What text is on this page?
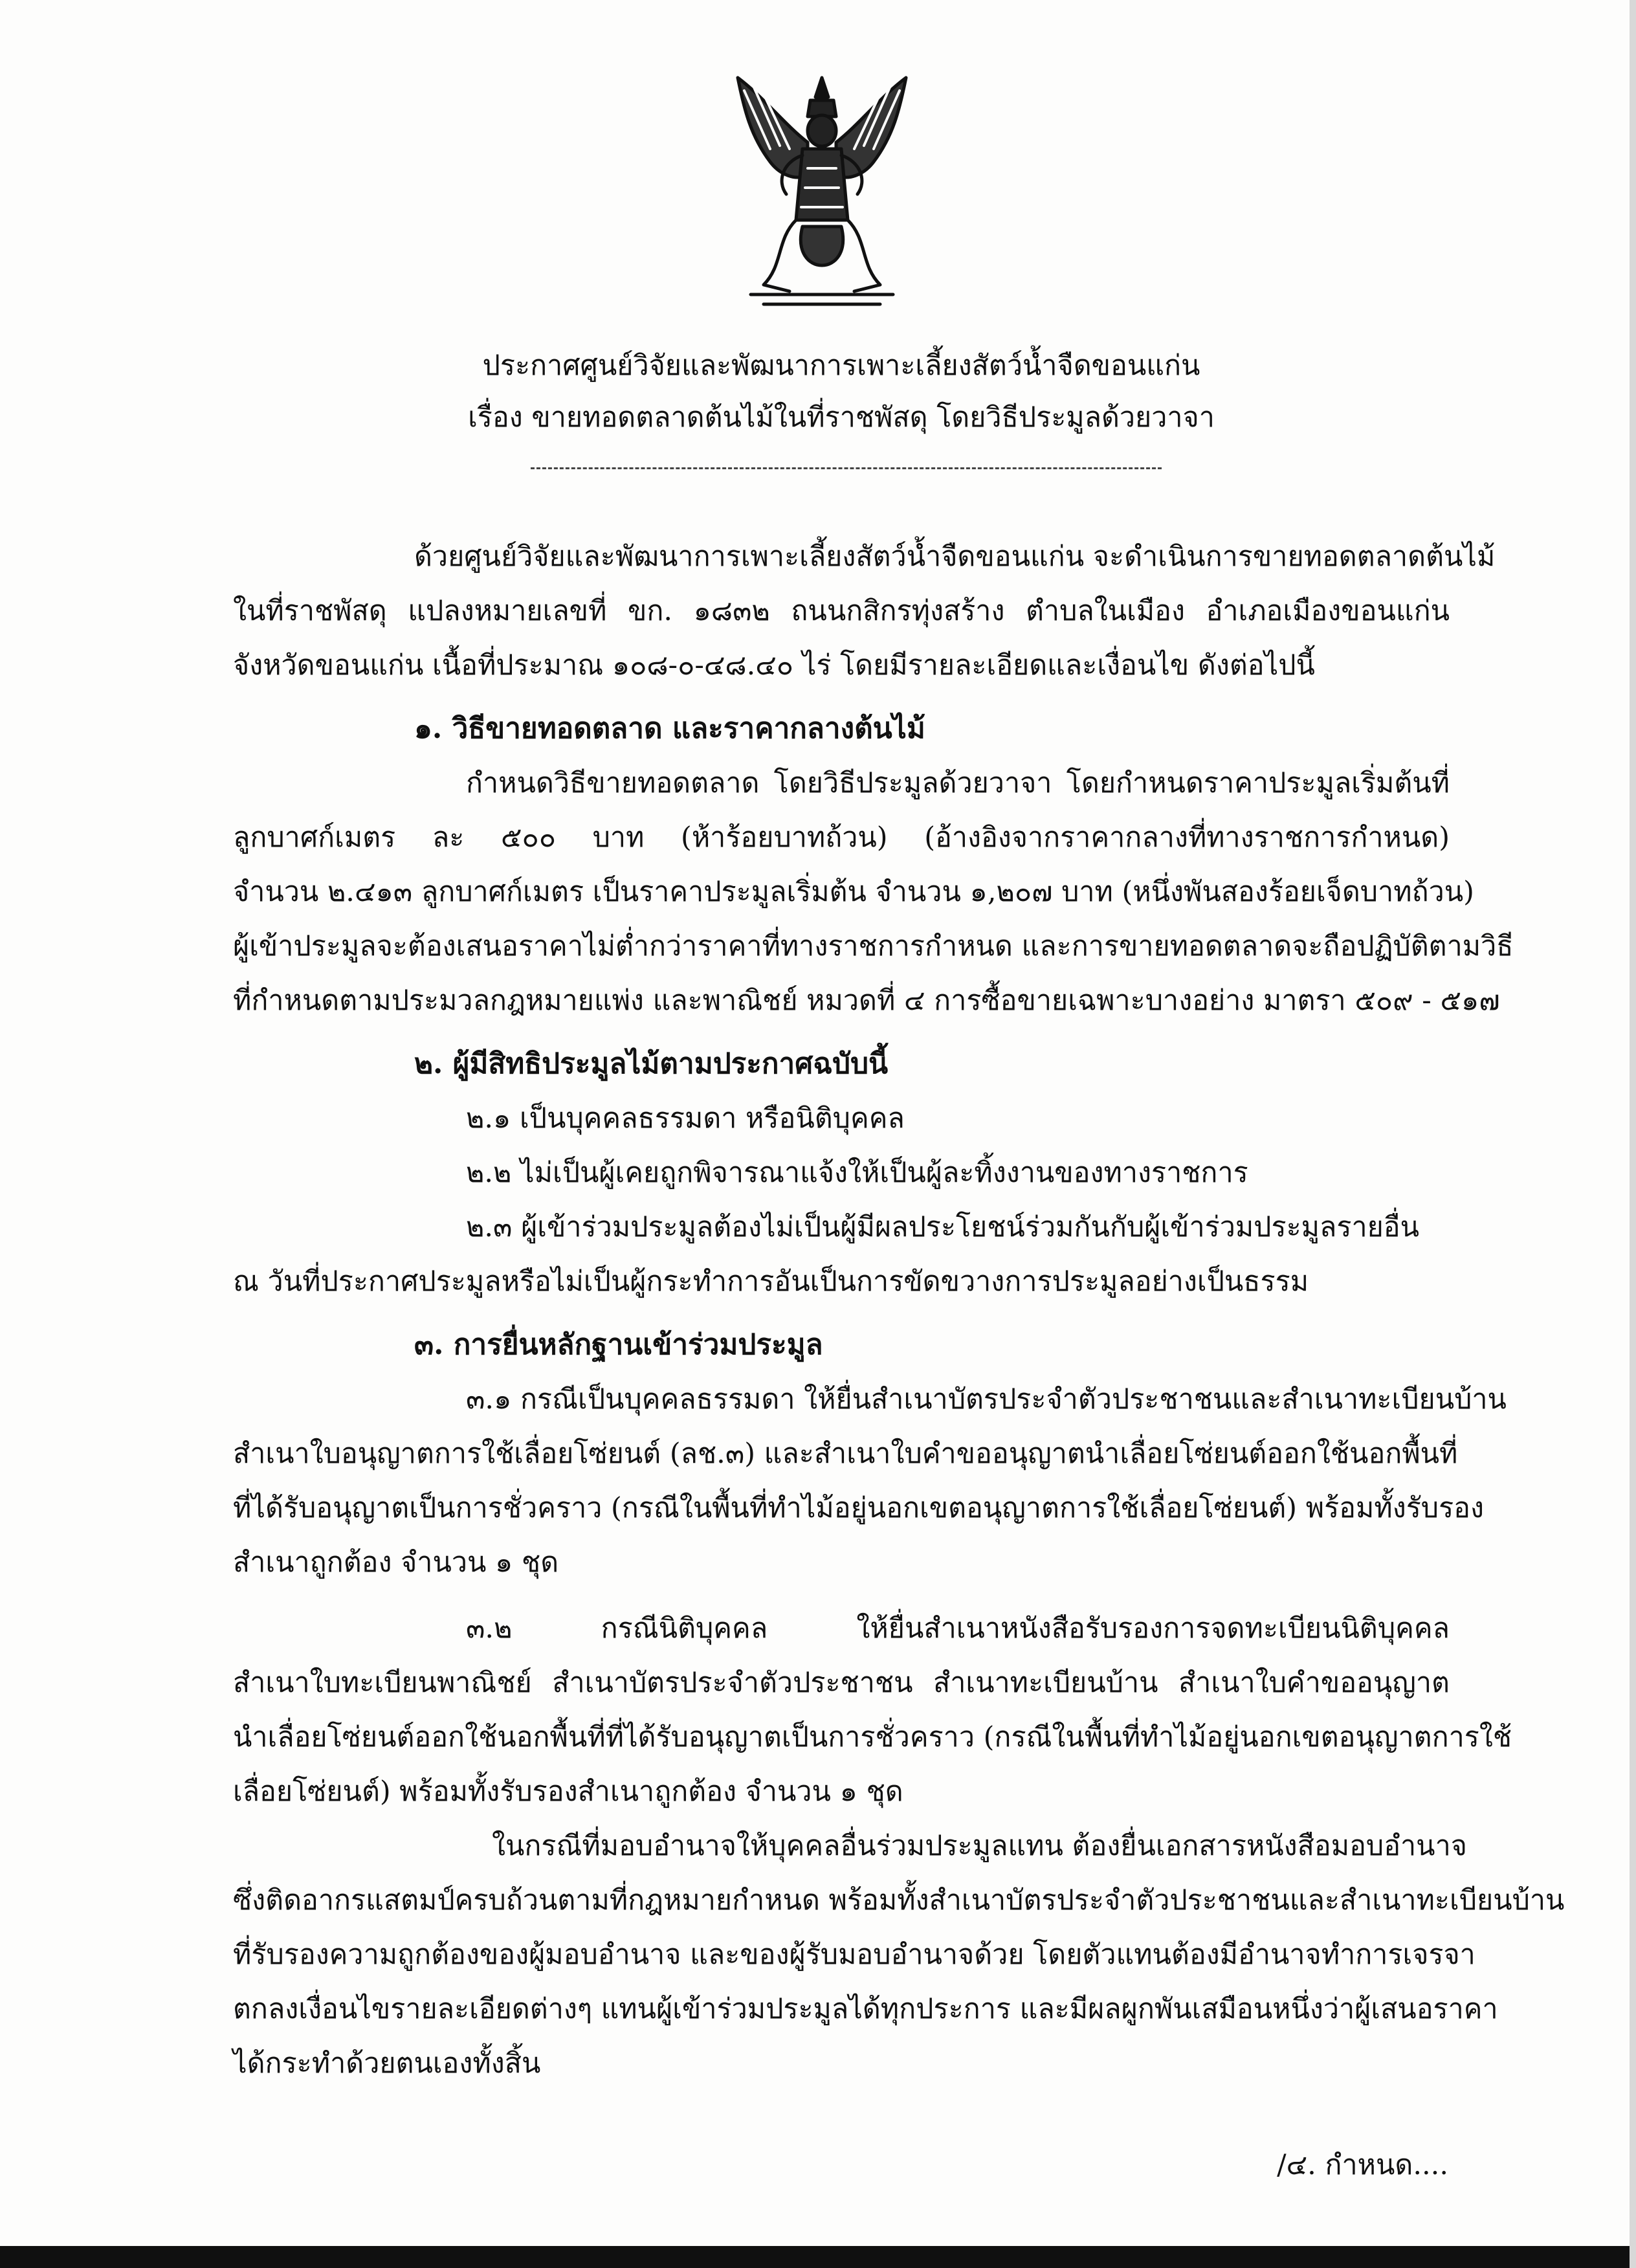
ประกาศศูนย์วิจัยและพัฒนาการเพาะเลี้ยงสัตว์น้ำจืดขอนแก่น
เรื่อง ขายทอดตลาดต้นไม้ในที่ราชพัสดุ โดยวิธีประมูลด้วยวาจา
ด้วยศูนย์วิจัยและพัฒนาการเพาะเลี้ยงสัตว์น้ำจืดขอนแก่น จะดำเนินการขายทอดตลาดต้นไม้
ในที่ราชพัสดุ แปลงหมายเลขที่ ขก. ๑๘๓๒ ถนนกสิกรทุ่งสร้าง ตำบลในเมือง อำเภอเมืองขอนแก่น
จังหวัดขอนแก่น เนื้อที่ประมาณ ๑๐๘-๐-๔๘.๔๐ ไร่ โดยมีรายละเอียดและเงื่อนไข ดังต่อไปนี้
๑. วิธีขายทอดตลาด และราคากลางต้นไม้
กำหนดวิธีขายทอดตลาด โดยวิธีประมูลด้วยวาจา โดยกำหนดราคาประมูลเริ่มต้นที่
ลูกบาศก์เมตร ละ ๕๐๐ บาท (ห้าร้อยบาทถ้วน) (อ้างอิงจากราคากลางที่ทางราชการกำหนด)
จำนวน ๒.๔๑๓ ลูกบาศก์เมตร เป็นราคาประมูลเริ่มต้น จำนวน ๑,๒๐๗ บาท (หนึ่งพันสองร้อยเจ็ดบาทถ้วน)
ผู้เข้าประมูลจะต้องเสนอราคาไม่ต่ำกว่าราคาที่ทางราชการกำหนด และการขายทอดตลาดจะถือปฏิบัติตามวิธี
ที่กำหนดตามประมวลกฎหมายแพ่ง และพาณิชย์ หมวดที่ ๔ การซื้อขายเฉพาะบางอย่าง มาตรา ๕๐๙ - ๕๑๗
๒. ผู้มีสิทธิประมูลไม้ตามประกาศฉบับนี้
๒.๑ เป็นบุคคลธรรมดา หรือนิติบุคคล
๒.๒ ไม่เป็นผู้เคยถูกพิจารณาแจ้งให้เป็นผู้ละทิ้งงานของทางราชการ
๒.๓ ผู้เข้าร่วมประมูลต้องไม่เป็นผู้มีผลประโยชน์ร่วมกันกับผู้เข้าร่วมประมูลรายอื่น
ณ วันที่ประกาศประมูลหรือไม่เป็นผู้กระทำการอันเป็นการขัดขวางการประมูลอย่างเป็นธรรม
๓. การยื่นหลักฐานเข้าร่วมประมูล
๓.๑ กรณีเป็นบุคคลธรรมดา ให้ยื่นสำเนาบัตรประจำตัวประชาชนและสำเนาทะเบียนบ้าน
สำเนาใบอนุญาตการใช้เลื่อยโซ่ยนต์ (ลช.๓) และสำเนาใบคำขออนุญาตนำเลื่อยโซ่ยนต์ออกใช้นอกพื้นที่
ที่ได้รับอนุญาตเป็นการชั่วคราว (กรณีในพื้นที่ทำไม้อยู่นอกเขตอนุญาตการใช้เลื่อยโซ่ยนต์) พร้อมทั้งรับรอง
สำเนาถูกต้อง จำนวน ๑ ชุด
๓.๒ กรณีนิติบุคคล ให้ยื่นสำเนาหนังสือรับรองการจดทะเบียนนิติบุคคล
สำเนาใบทะเบียนพาณิชย์ สำเนาบัตรประจำตัวประชาชน สำเนาทะเบียนบ้าน สำเนาใบคำขออนุญาต
นำเลื่อยโซ่ยนต์ออกใช้นอกพื้นที่ที่ได้รับอนุญาตเป็นการชั่วคราว (กรณีในพื้นที่ทำไม้อยู่นอกเขตอนุญาตการใช้
เลื่อยโซ่ยนต์) พร้อมทั้งรับรองสำเนาถูกต้อง จำนวน ๑ ชุด
ในกรณีที่มอบอำนาจให้บุคคลอื่นร่วมประมูลแทน ต้องยื่นเอกสารหนังสือมอบอำนาจ
ซึ่งติดอากรแสตมป์ครบถ้วนตามที่กฎหมายกำหนด พร้อมทั้งสำเนาบัตรประจำตัวประชาชนและสำเนาทะเบียนบ้าน
ที่รับรองความถูกต้องของผู้มอบอำนาจ และของผู้รับมอบอำนาจด้วย โดยตัวแทนต้องมีอำนาจทำการเจรจา
ตกลงเงื่อนไขรายละเอียดต่างๆ แทนผู้เข้าร่วมประมูลได้ทุกประการ และมีผลผูกพันเสมือนหนึ่งว่าผู้เสนอราคา
ได้กระทำด้วยตนเองทั้งสิ้น
/๔. กำหนด....
